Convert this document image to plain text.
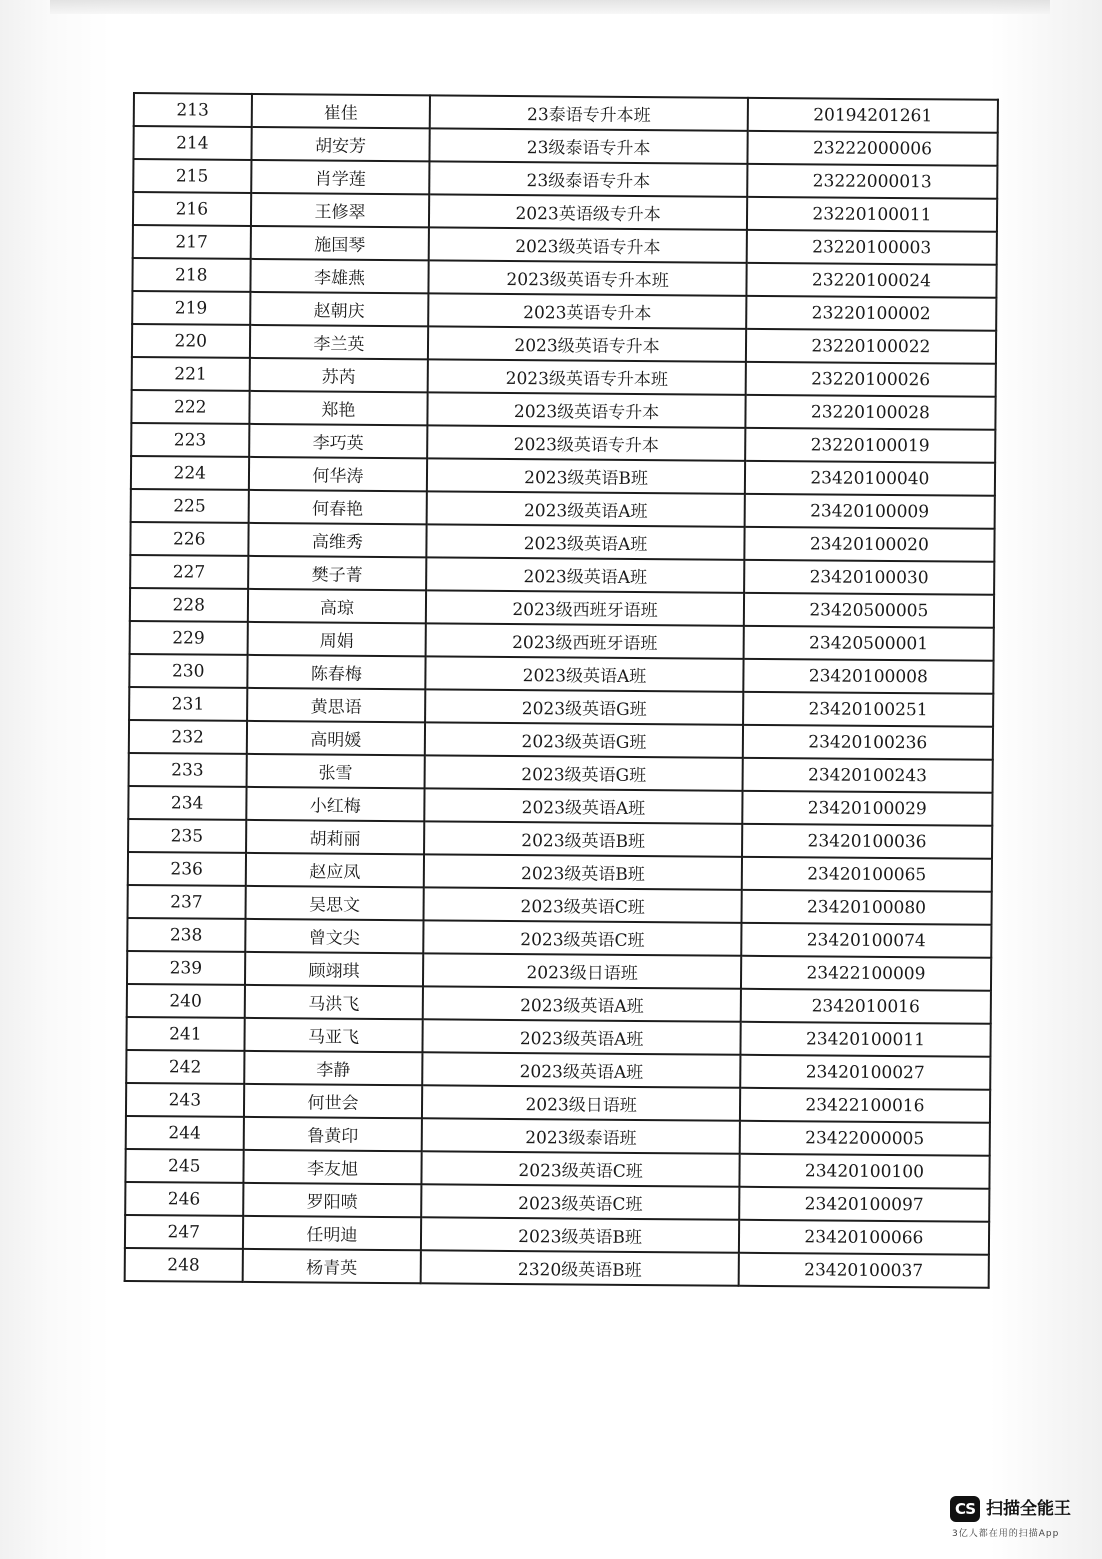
213	崔佳	23泰语专升本班	20194201261
214	胡安芳	23级泰语专升本	23222000006
215	肖学莲	23级泰语专升本	23222000013
216	王修翠	2023英语级专升本	23220100011
217	施国琴	2023级英语专升本	23220100003
218	李雄燕	2023级英语专升本班	23220100024
219	赵朝庆	2023英语专升本	23220100002
220	李兰英	2023级英语专升本	23220100022
221	苏芮	2023级英语专升本班	23220100026
222	郑艳	2023级英语专升本	23220100028
223	李巧英	2023级英语专升本	23220100019
224	何华涛	2023级英语B班	23420100040
225	何春艳	2023级英语A班	23420100009
226	高维秀	2023级英语A班	23420100020
227	樊子菁	2023级英语A班	23420100030
228	高琼	2023级西班牙语班	23420500005
229	周娟	2023级西班牙语班	23420500001
230	陈春梅	2023级英语A班	23420100008
231	黄思语	2023级英语G班	23420100251
232	高明媛	2023级英语G班	23420100236
233	张雪	2023级英语G班	23420100243
234	小红梅	2023级英语A班	23420100029
235	胡莉丽	2023级英语B班	23420100036
236	赵应凤	2023级英语B班	23420100065
237	吴思文	2023级英语C班	23420100080
238	曾文尖	2023级英语C班	23420100074
239	顾翊琪	2023级日语班	23422100009
240	马洪飞	2023级英语A班	2342010016
241	马亚飞	2023级英语A班	23420100011
242	李静	2023级英语A班	23420100027
243	何世会	2023级日语班	23422100016
244	鲁黄印	2023级泰语班	23422000005
245	李友旭	2023级英语C班	23420100100
246	罗阳喷	2023级英语C班	23420100097
247	任明迪	2023级英语B班	23420100066
248	杨青英	2320级英语B班	23420100037
CS 扫描全能王
3亿人都在用的扫描App
